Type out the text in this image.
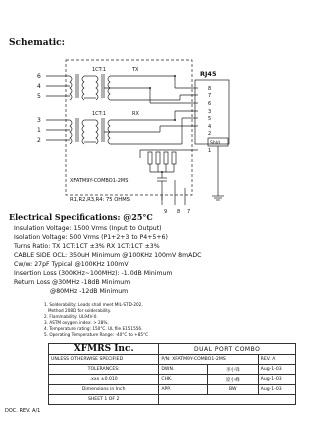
Schematic:
6
4
5
3
1
2
1CT:1	TX
1CT:1	RX
RJ45
8
7
6
3
5
4
2
1
Shld
XFATM9Y-COMBO1-2MS
R1,R2,R3,R4: 75 OHMS
9 8 7
Electrical Specifications: @25°C
Insulation Voltage: 1500 Vrms (Input to Output)
Isolation Voltage: 500 Vrms (P1+2+3 to P4+5+6)
Turns Ratio: TX 1CT:1CT ±3% RX 1CT:1CT ±3%
CABLE SIDE OCL: 350uH Minimum @100KHz 100mV 8mADC
Cw/w: 27pF Typical @100KHz 100mV
Insertion Loss (300KHz~100MHz): -1.0dB Minimum
Return Loss @30MHz -18dB Minimum
@80MHz -12dB Minimum
1. Solderability: Leads shall meet MIL-STD-202,
Method 208D for solderability.
2. Flammability: UL94V-0.
3. ASTM oxygen index: > 28%.
4. Temperature rating: 150°C. UL file E151556.
5. Operating Temperature Range: -40°C to +85°C
XFMRS Inc.	DUAL PORT COMBO		

UNLESS OTHERWISE SPECIFIED	P/N: XFATM9Y-COMBO1-2MS		REV. A
TOLERANCES:	DWN.	李小锋	Aug-1-03
.xxx ±0.010	CHK.	庞小峰	Aug-1-03
Dimensions in Inch	APP.	BW	Aug-1-03
SHEET 1 OF 2			
DOC. REV. A/1
